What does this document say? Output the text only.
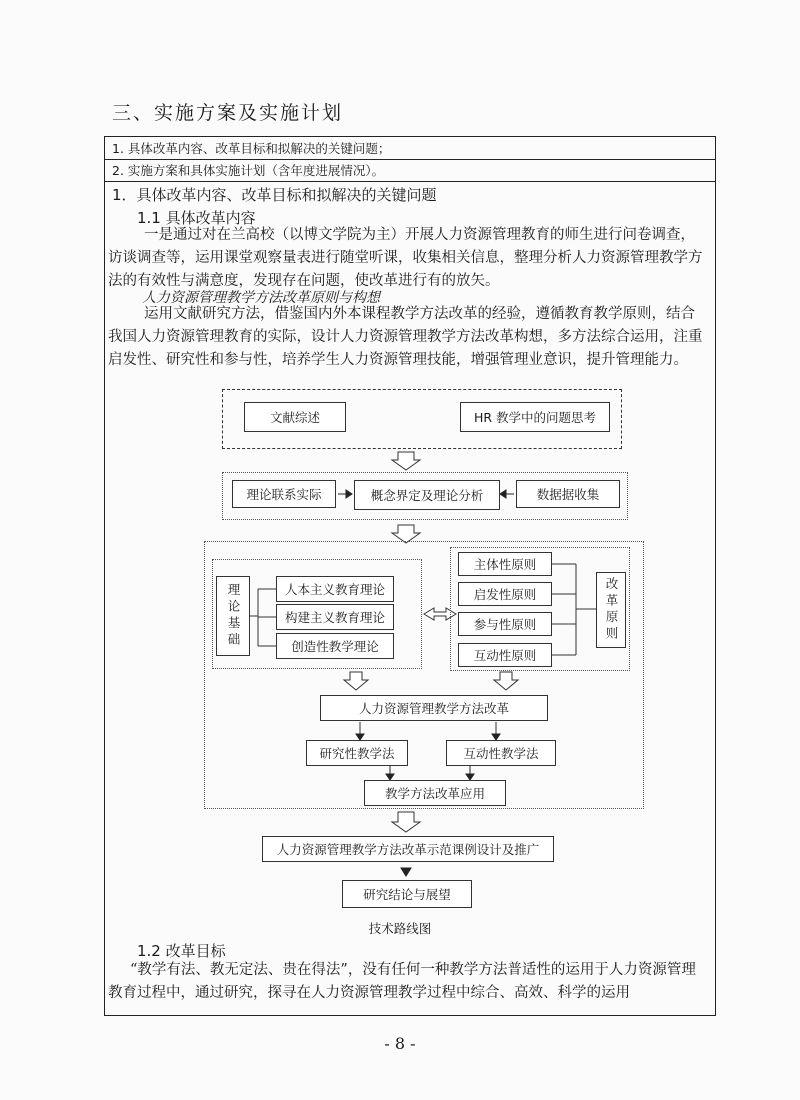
三、实施方案及实施计划
1. 具体改革内容、改革目标和拟解决的关键问题；
2. 实施方案和具体实施计划（含年度进展情况）。
1．具体改革内容、改革目标和拟解决的关键问题
1.1 具体改革内容
一是通过对在兰高校（以博文学院为主）开展人力资源管理教育的师生进行问卷调查，访谈调查等，运用课堂观察量表进行随堂听课，收集相关信息，整理分析人力资源管理教学方法的有效性与满意度，发现存在问题，使改革进行有的放矢。
人力资源管理教学方法改革原则与构想
运用文献研究方法，借鉴国内外本课程教学方法改革的经验，遵循教育教学原则，结合我国人力资源管理教育的实际，设计人力资源管理教学方法改革构想，多方法综合运用，注重启发性、研究性和参与性，培养学生人力资源管理技能，增强管理业意识，提升管理能力。
文献综述	HR 教学中的问题思考
理论联系实际	概念界定及理论分析	数据据收集
理论基础	人本主义教育理论
构建主义教育理论
创造性教学理论
主体性原则
启发性原则
参与性原则
互动性原则
改革原则
人力资源管理教学方法改革
研究性教学法	互动性教学法
教学方法改革应用
人力资源管理教学方法改革示范课例设计及推广
研究结论与展望
技术路线图
1.2 改革目标
“教学有法、教无定法、贵在得法”，没有任何一种教学方法普适性的运用于人力资源管理教育过程中，通过研究，探寻在人力资源管理教学过程中综合、高效、科学的运用
- 8 -
